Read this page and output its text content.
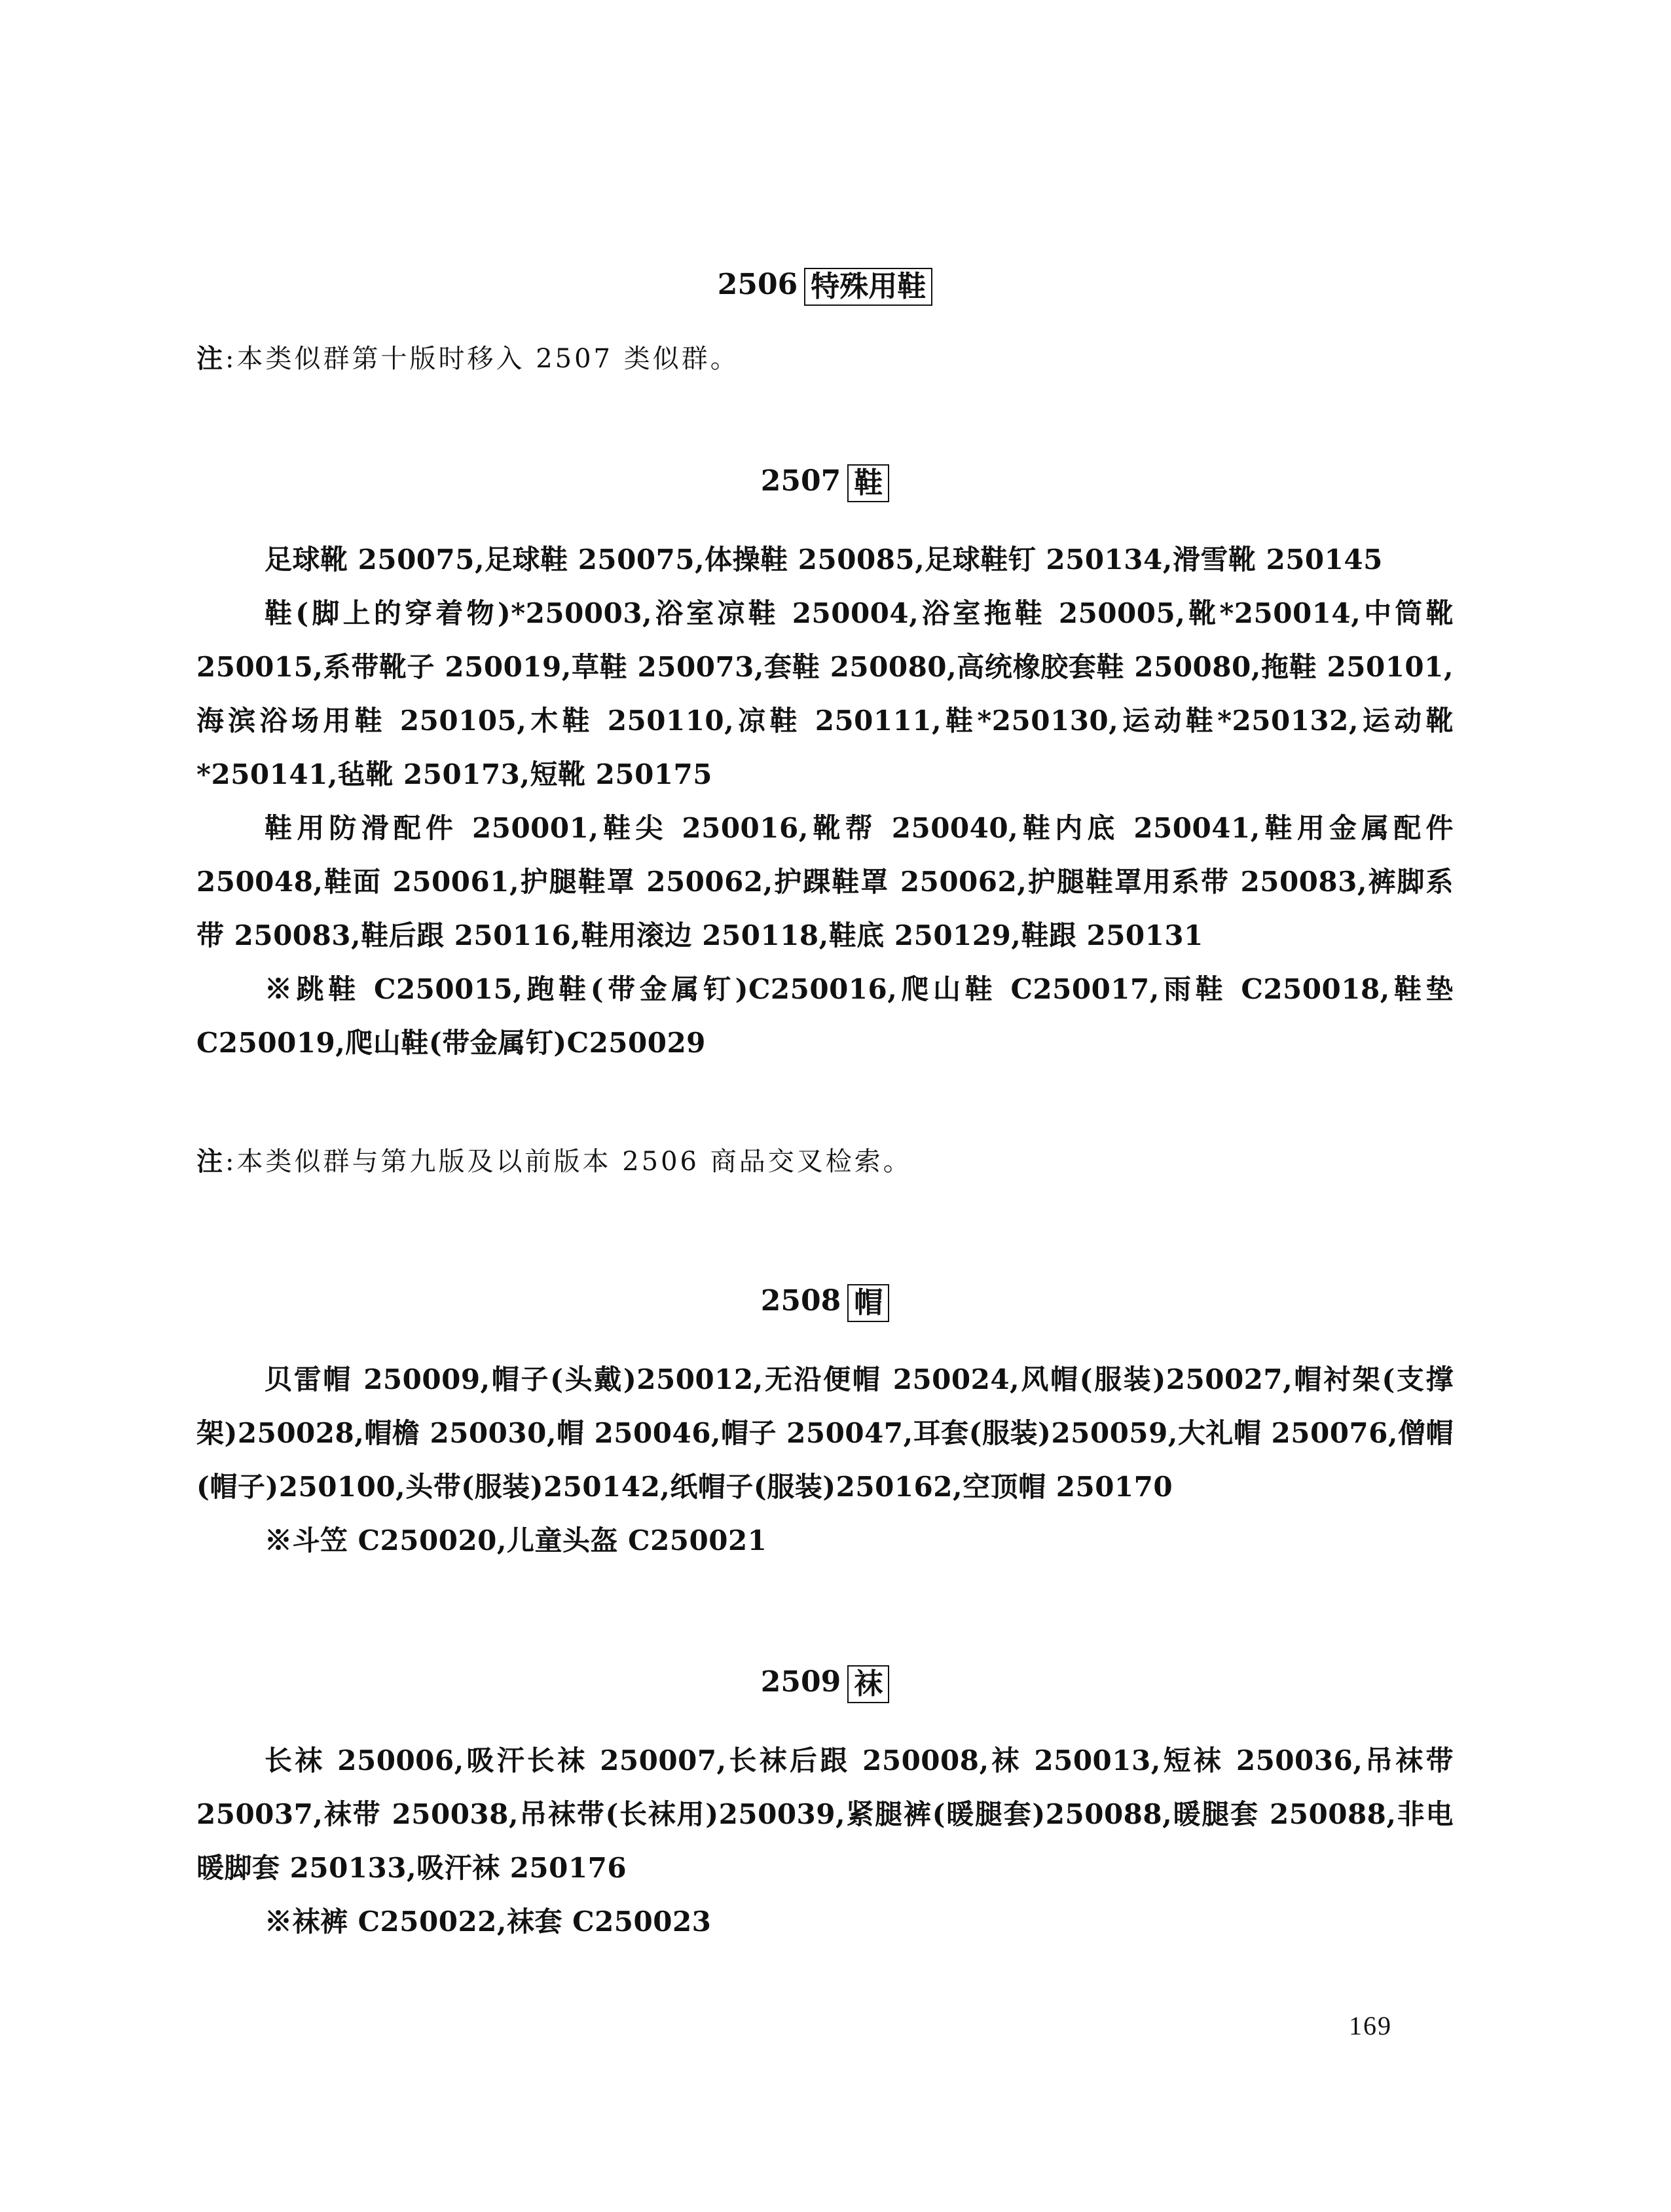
2506 特殊用鞋
注:本类似群第十版时移入 2507 类似群。
2507 鞋

足球靴 250075,足球鞋 250075,体操鞋 250085,足球鞋钉 250134,滑雪靴 250145

鞋(脚上的穿着物)*250003,浴室凉鞋 250004,浴室拖鞋 250005,靴*250014,中筒靴 250015,系带靴子 250019,草鞋 250073,套鞋 250080,高统橡胶套鞋 250080,拖鞋 250101,海滨浴场用鞋 250105,木鞋 250110,凉鞋 250111,鞋*250130,运动鞋*250132,运动靴*250141,毡靴 250173,短靴 250175

鞋用防滑配件 250001,鞋尖 250016,靴帮 250040,鞋内底 250041,鞋用金属配件 250048,鞋面 250061,护腿鞋罩 250062,护踝鞋罩 250062,护腿鞋罩用系带 250083,裤脚系带 250083,鞋后跟 250116,鞋用滚边 250118,鞋底 250129,鞋跟 250131

※跳鞋 C250015,跑鞋(带金属钉)C250016,爬山鞋 C250017,雨鞋 C250018,鞋垫 C250019,爬山鞋(带金属钉)C250029

注:本类似群与第九版及以前版本 2506 商品交叉检索。
2508 帽

贝雷帽 250009,帽子(头戴)250012,无沿便帽 250024,风帽(服装)250027,帽衬架(支撑架)250028,帽檐 250030,帽 250046,帽子 250047,耳套(服装)250059,大礼帽 250076,僧帽(帽子)250100,头带(服装)250142,纸帽子(服装)250162,空顶帽 250170

※斗笠 C250020,儿童头盔 C250021

2509 袜

长袜 250006,吸汗长袜 250007,长袜后跟 250008,袜 250013,短袜 250036,吊袜带 250037,袜带 250038,吊袜带(长袜用)250039,紧腿裤(暖腿套)250088,暖腿套 250088,非电暖脚套 250133,吸汗袜 250176

※袜裤 C250022,袜套 C250023

169
